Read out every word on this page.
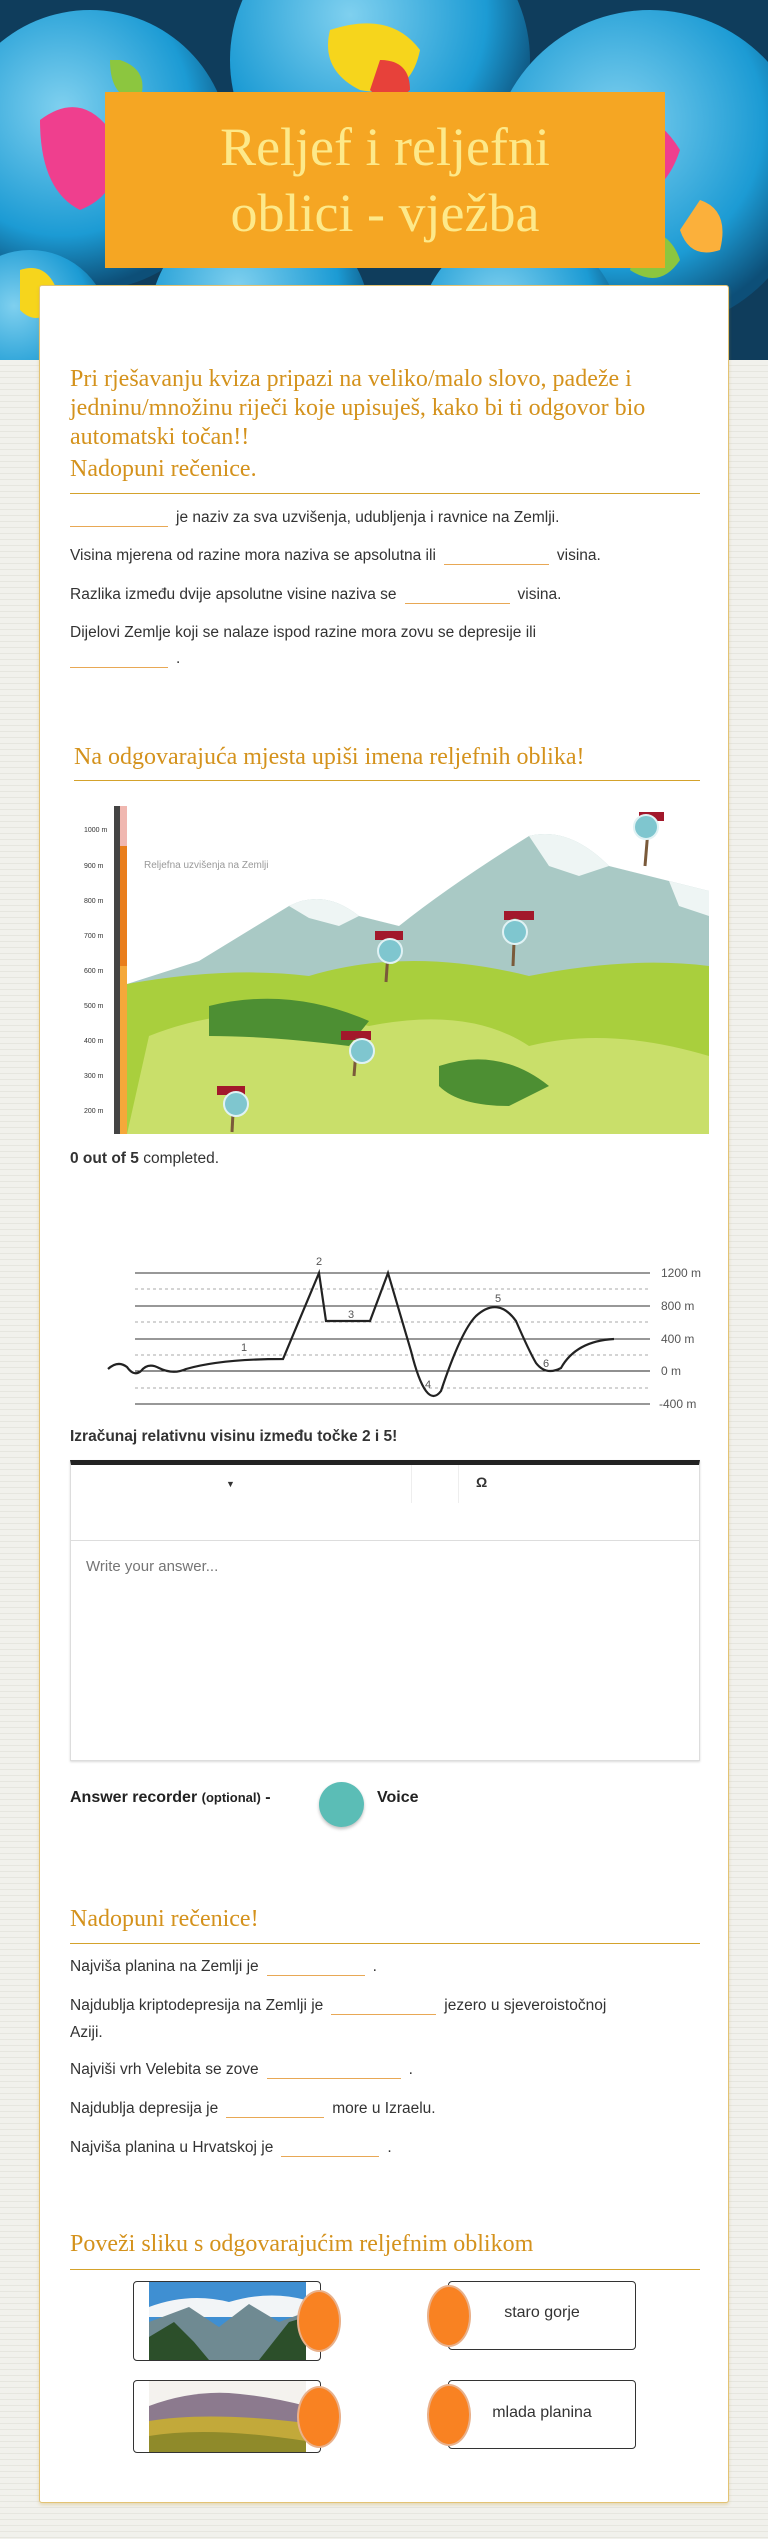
Reljef i reljefni
oblici - vježba

Pri rješavanju kviza pripazi na veliko/malo slovo, padeže i jedninu/množinu riječi koje upisuješ, kako bi ti odgovor bio automatski točan!!

Nadopuni rečenice.
je naziv za sva uzvišenja, udubljenja i ravnice na Zemlji.
Visina mjerena od razine mora naziva se apsolutna ili	visina.
Razlika između dvije apsolutne visine naziva se	visina.
Dijelovi Zemlje koji se nalaze ispod razine mora zovu se depresije ili
.
Na odgovarajuća mjesta upiši imena reljefnih oblika!
1000 m
900 m
800 m
700 m
600 m
500 m
400 m
300 m
200 m
Reljefna uzvišenja na Zemlji
0 out of 5 completed.
1
2
3
4
5
6
1200 m
800 m
400 m
0 m
-400 m
Izračunaj relativnu visinu između točke 2 i 5!
▼	Ω
Write your answer...
Answer recorder (optional) -	Voice
Nadopuni rečenice!
Najviša planina na Zemlji je	.
Najdublja kriptodepresija na Zemlji je	jezero u sjeveroistočnoj
Aziji.
Najviši vrh Velebita se zove	.
Najdublja depresija je	more u Izraelu.
Najviša planina u Hrvatskoj je	.
Poveži sliku s odgovarajućim reljefnim oblikom
staro gorje
mlada planina
